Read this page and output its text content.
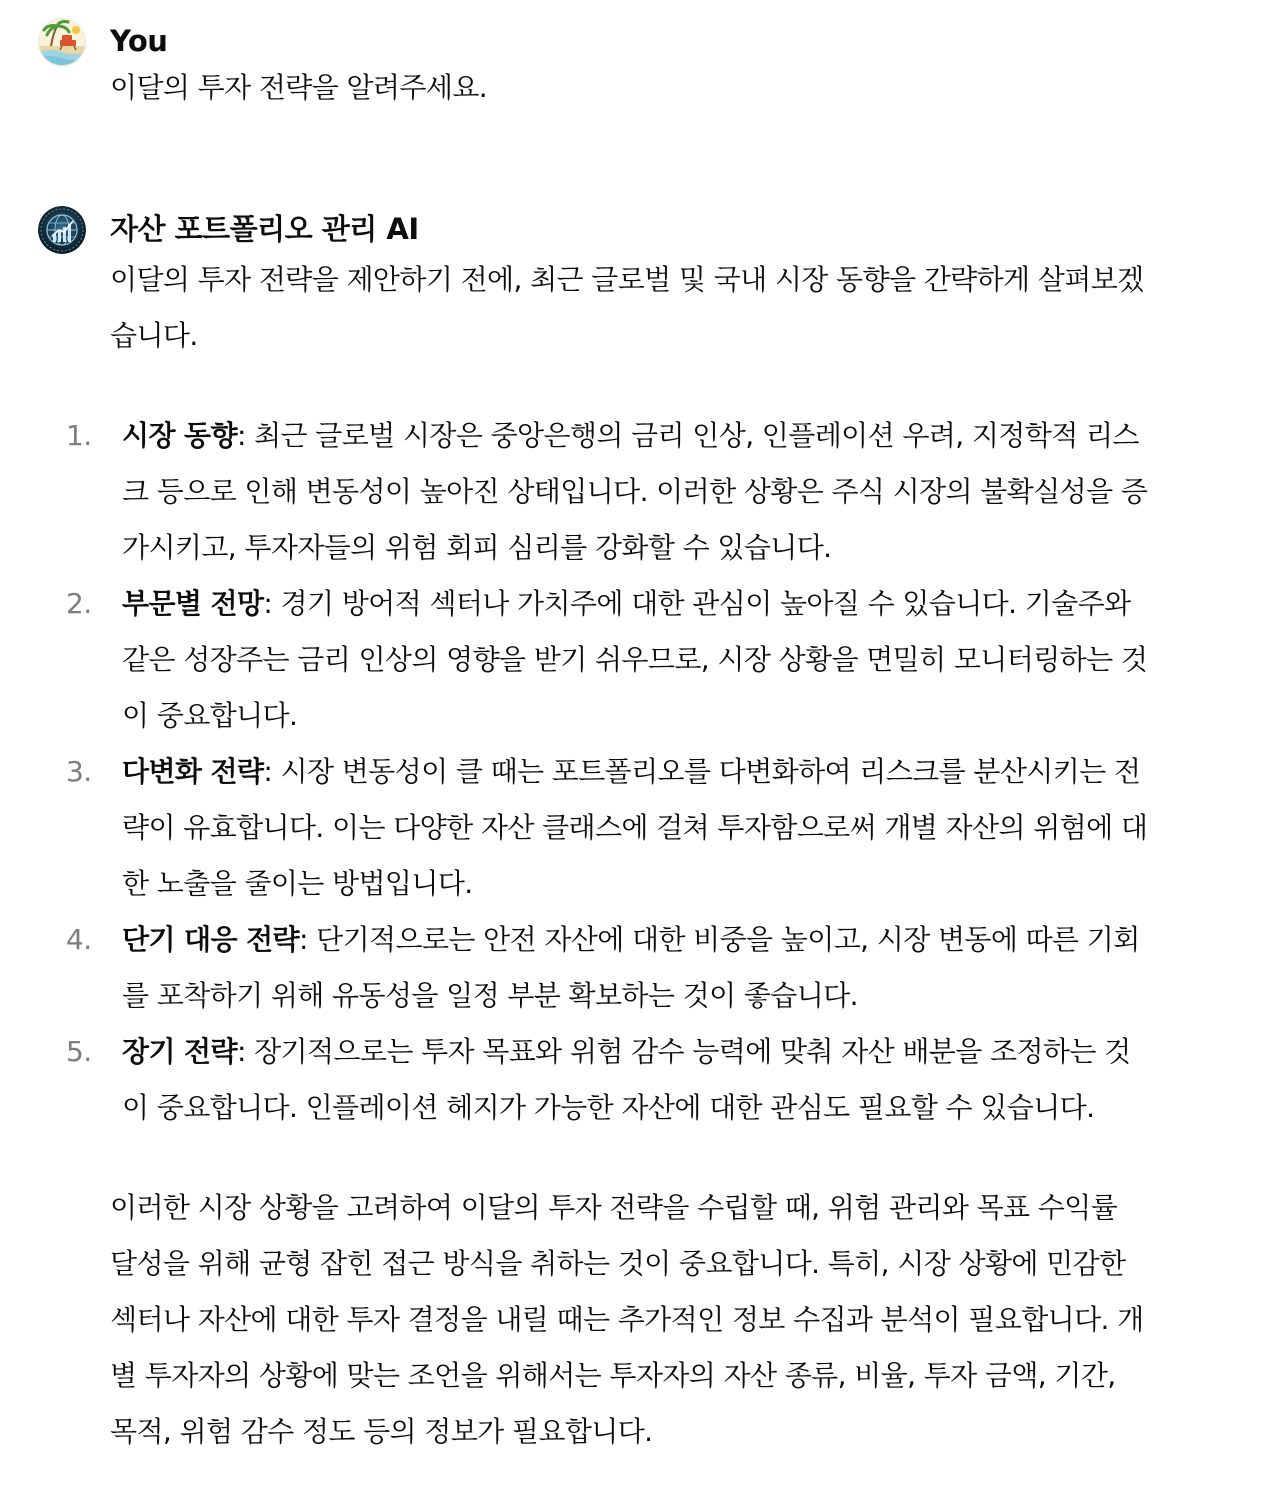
You
이달의 투자 전략을 알려주세요.
자산 포트폴리오 관리 AI

이달의 투자 전략을 제안하기 전에, 최근 글로벌 및 국내 시장 동향을 간략하게 살펴보겠습니다.

1.	시장 동향: 최근 글로벌 시장은 중앙은행의 금리 인상, 인플레이션 우려, 지정학적 리스크 등으로 인해 변동성이 높아진 상태입니다. 이러한 상황은 주식 시장의 불확실성을 증가시키고, 투자자들의 위험 회피 심리를 강화할 수 있습니다.
2.	부문별 전망: 경기 방어적 섹터나 가치주에 대한 관심이 높아질 수 있습니다. 기술주와 같은 성장주는 금리 인상의 영향을 받기 쉬우므로, 시장 상황을 면밀히 모니터링하는 것이 중요합니다.
3.	다변화 전략: 시장 변동성이 클 때는 포트폴리오를 다변화하여 리스크를 분산시키는 전략이 유효합니다. 이는 다양한 자산 클래스에 걸쳐 투자함으로써 개별 자산의 위험에 대한 노출을 줄이는 방법입니다.
4.	단기 대응 전략: 단기적으로는 안전 자산에 대한 비중을 높이고, 시장 변동에 따른 기회를 포착하기 위해 유동성을 일정 부분 확보하는 것이 좋습니다.
5.	장기 전략: 장기적으로는 투자 목표와 위험 감수 능력에 맞춰 자산 배분을 조정하는 것이 중요합니다. 인플레이션 헤지가 가능한 자산에 대한 관심도 필요할 수 있습니다.

이러한 시장 상황을 고려하여 이달의 투자 전략을 수립할 때, 위험 관리와 목표 수익률 달성을 위해 균형 잡힌 접근 방식을 취하는 것이 중요합니다. 특히, 시장 상황에 민감한 섹터나 자산에 대한 투자 결정을 내릴 때는 추가적인 정보 수집과 분석이 필요합니다. 개별 투자자의 상황에 맞는 조언을 위해서는 투자자의 자산 종류, 비율, 투자 금액, 기간, 목적, 위험 감수 정도 등의 정보가 필요합니다.
